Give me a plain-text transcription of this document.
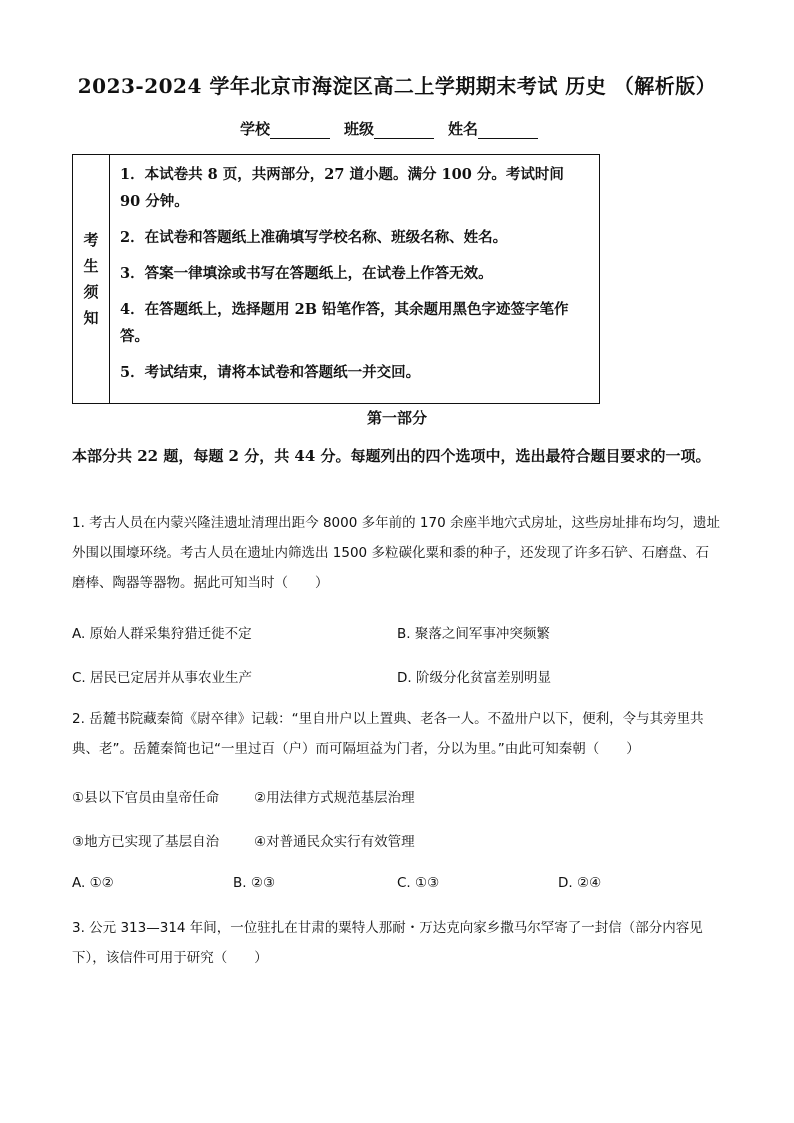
2023-2024 学年北京市海淀区高二上学期期末考试 历史 （解析版）
学校	班级	姓名
考
生
须
知
1．本试卷共 8 页，共两部分，27 道小题。满分 100 分。考试时间 90 分钟。
2．在试卷和答题纸上准确填写学校名称、班级名称、姓名。
3．答案一律填涂或书写在答题纸上，在试卷上作答无效。
4．在答题纸上，选择题用 2B 铅笔作答，其余题用黑色字迹签字笔作答。
5．考试结束，请将本试卷和答题纸一并交回。
第一部分
本部分共 22 题，每题 2 分，共 44 分。每题列出的四个选项中，选出最符合题目要求的一项。
1. 考古人员在内蒙兴隆洼遗址清理出距今 8000 多年前的 170 余座半地穴式房址，这些房址排布均匀，遗址外围以围壕环绕。考古人员在遗址内筛选出 1500 多粒碳化粟和黍的种子，还发现了许多石铲、石磨盘、石磨棒、陶器等器物。据此可知当时（　　）
A. 原始人群采集狩猎迁徙不定	B. 聚落之间军事冲突频繁
C. 居民已定居并从事农业生产	D. 阶级分化贫富差别明显
2. 岳麓书院藏秦简《尉卒律》记载：“里自卅户以上置典、老各一人。不盈卅户以下，便利，令与其旁里共典、老”。岳麓秦简也记“一里过百（户）而可隔垣益为门者，分以为里。”由此可知秦朝（　　）
①县以下官员由皇帝任命	②用法律方式规范基层治理
③地方已实现了基层自治	④对普通民众实行有效管理
A. ①②	B. ②③	C. ①③	D. ②④
3. 公元 313—314 年间，一位驻扎在甘肃的粟特人那耐・万达克向家乡撒马尔罕寄了一封信（部分内容见下），该信件可用于研究（　　）
